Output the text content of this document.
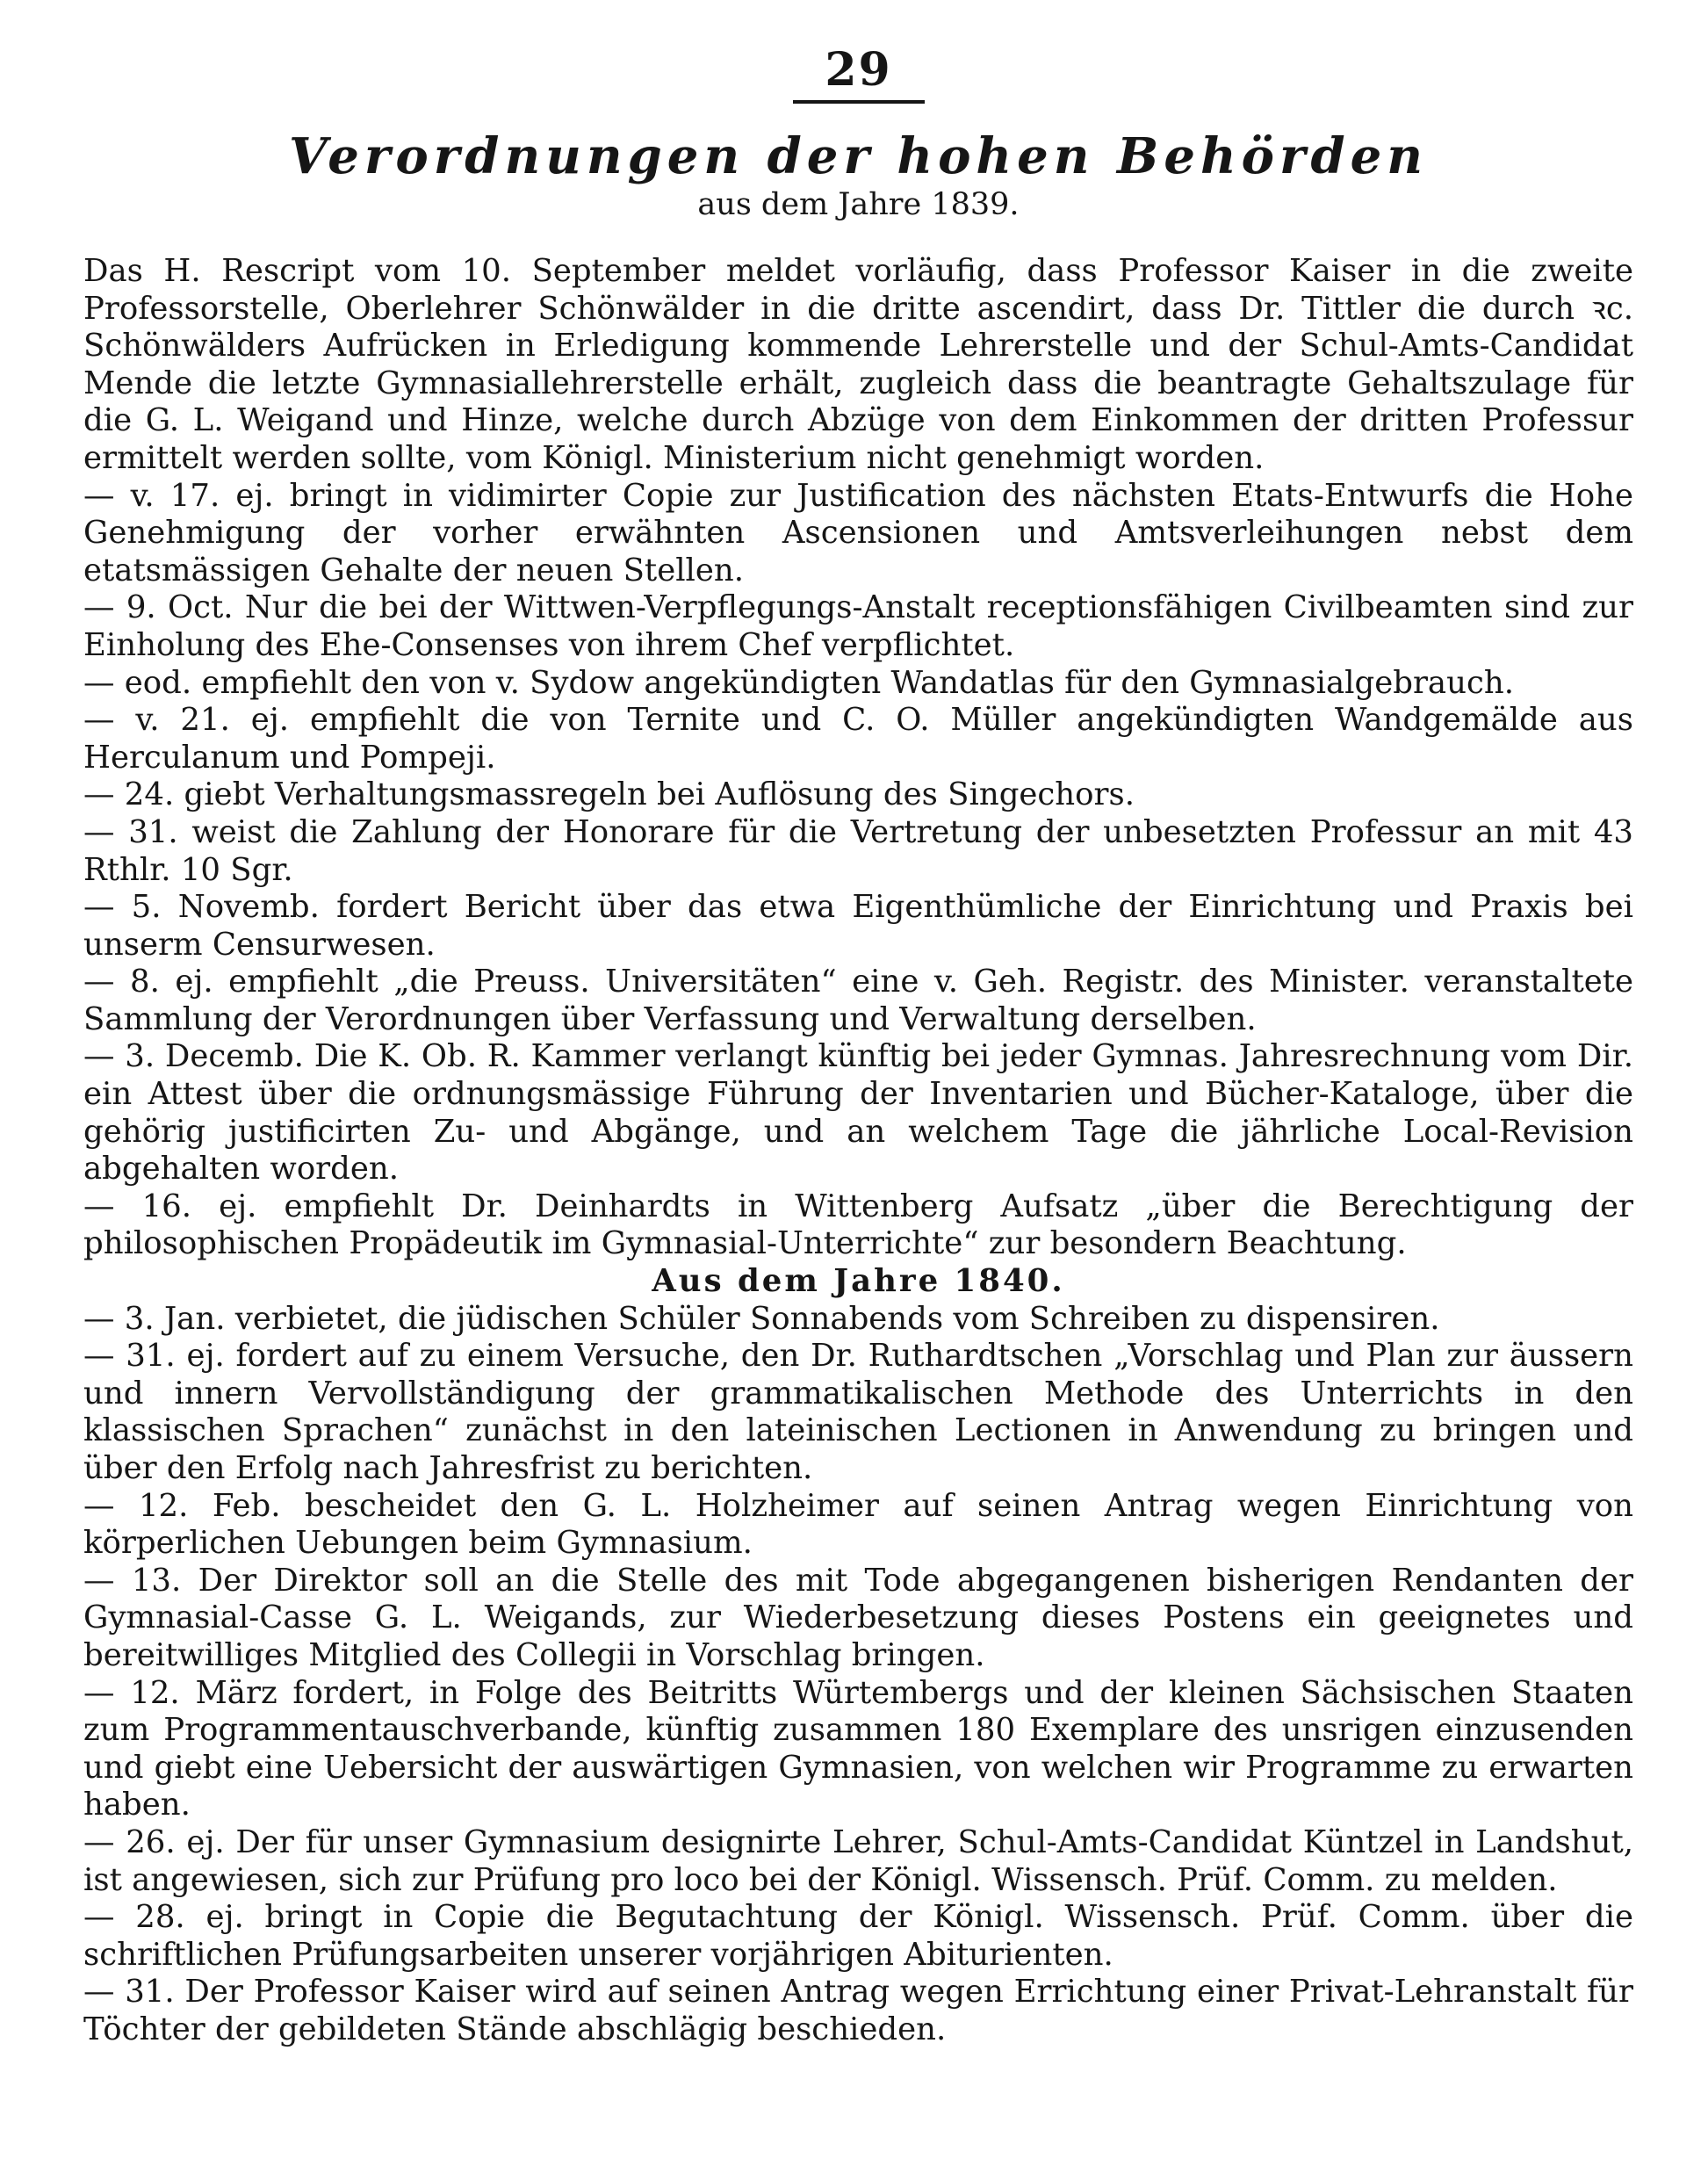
29
Verordnungen der hohen Behörden
aus dem Jahre 1839.

Das H. Rescript vom 10. September meldet vorläufig, dass Professor Kaiser in die zweite Professorstelle, Oberlehrer Schönwälder in die dritte ascendirt, dass Dr. Tittler die durch ꝛc. Schönwälders Aufrücken in Erledigung kommende Lehrerstelle und der Schul-Amts-Candidat Mende die letzte Gymnasiallehrerstelle erhält, zugleich dass die beantragte Gehaltszulage für die G. L. Weigand und Hinze, welche durch Abzüge von dem Einkommen der dritten Professur ermittelt werden sollte, vom Königl. Ministerium nicht genehmigt worden.

— v. 17. ej. bringt in vidimirter Copie zur Justification des nächsten Etats-Entwurfs die Hohe Genehmigung der vorher erwähnten Ascensionen und Amtsverleihungen nebst dem etatsmässigen Gehalte der neuen Stellen.

— 9. Oct. Nur die bei der Wittwen-Verpflegungs-Anstalt receptionsfähigen Civilbeamten sind zur Einholung des Ehe-Consenses von ihrem Chef verpflichtet.

— eod. empfiehlt den von v. Sydow angekündigten Wandatlas für den Gymnasialgebrauch.

— v. 21. ej. empfiehlt die von Ternite und C. O. Müller angekündigten Wandgemälde aus Herculanum und Pompeji.

— 24. giebt Verhaltungsmassregeln bei Auflösung des Singechors.

— 31. weist die Zahlung der Honorare für die Vertretung der unbesetzten Professur an mit 43 Rthlr. 10 Sgr.

— 5. Novemb. fordert Bericht über das etwa Eigenthümliche der Einrichtung und Praxis bei unserm Censurwesen.

— 8. ej. empfiehlt „die Preuss. Universitäten“ eine v. Geh. Registr. des Minister. veranstaltete Sammlung der Verordnungen über Verfassung und Verwaltung derselben.

— 3. Decemb. Die K. Ob. R. Kammer verlangt künftig bei jeder Gymnas. Jahresrechnung vom Dir. ein Attest über die ordnungsmässige Führung der Inventarien und Bücher-Kataloge, über die gehörig justificirten Zu- und Abgänge, und an welchem Tage die jährliche Local-Revision abgehalten worden.

— 16. ej. empfiehlt Dr. Deinhardts in Wittenberg Aufsatz „über die Berechtigung der philosophischen Propädeutik im Gymnasial-Unterrichte“ zur besondern Beachtung.

Aus dem Jahre 1840.

— 3. Jan. verbietet, die jüdischen Schüler Sonnabends vom Schreiben zu dispensiren.

— 31. ej. fordert auf zu einem Versuche, den Dr. Ruthardtschen „Vorschlag und Plan zur äussern und innern Vervollständigung der grammatikalischen Methode des Unterrichts in den klassischen Sprachen“ zunächst in den lateinischen Lectionen in Anwendung zu bringen und über den Erfolg nach Jahresfrist zu berichten.

— 12. Feb. bescheidet den G. L. Holzheimer auf seinen Antrag wegen Einrichtung von körperlichen Uebungen beim Gymnasium.

— 13. Der Direktor soll an die Stelle des mit Tode abgegangenen bisherigen Rendanten der Gymnasial-Casse G. L. Weigands, zur Wiederbesetzung dieses Postens ein geeignetes und bereitwilliges Mitglied des Collegii in Vorschlag bringen.

— 12. März fordert, in Folge des Beitritts Würtembergs und der kleinen Sächsischen Staaten zum Programmentauschverbande, künftig zusammen 180 Exemplare des unsrigen einzusenden und giebt eine Uebersicht der auswärtigen Gymnasien, von welchen wir Programme zu erwarten haben.

— 26. ej. Der für unser Gymnasium designirte Lehrer, Schul-Amts-Candidat Küntzel in Landshut, ist angewiesen, sich zur Prüfung pro loco bei der Königl. Wissensch. Prüf. Comm. zu melden.

— 28. ej. bringt in Copie die Begutachtung der Königl. Wissensch. Prüf. Comm. über die schriftlichen Prüfungsarbeiten unserer vorjährigen Abiturienten.

— 31. Der Professor Kaiser wird auf seinen Antrag wegen Errichtung einer Privat-Lehranstalt für Töchter der gebildeten Stände abschlägig beschieden.
